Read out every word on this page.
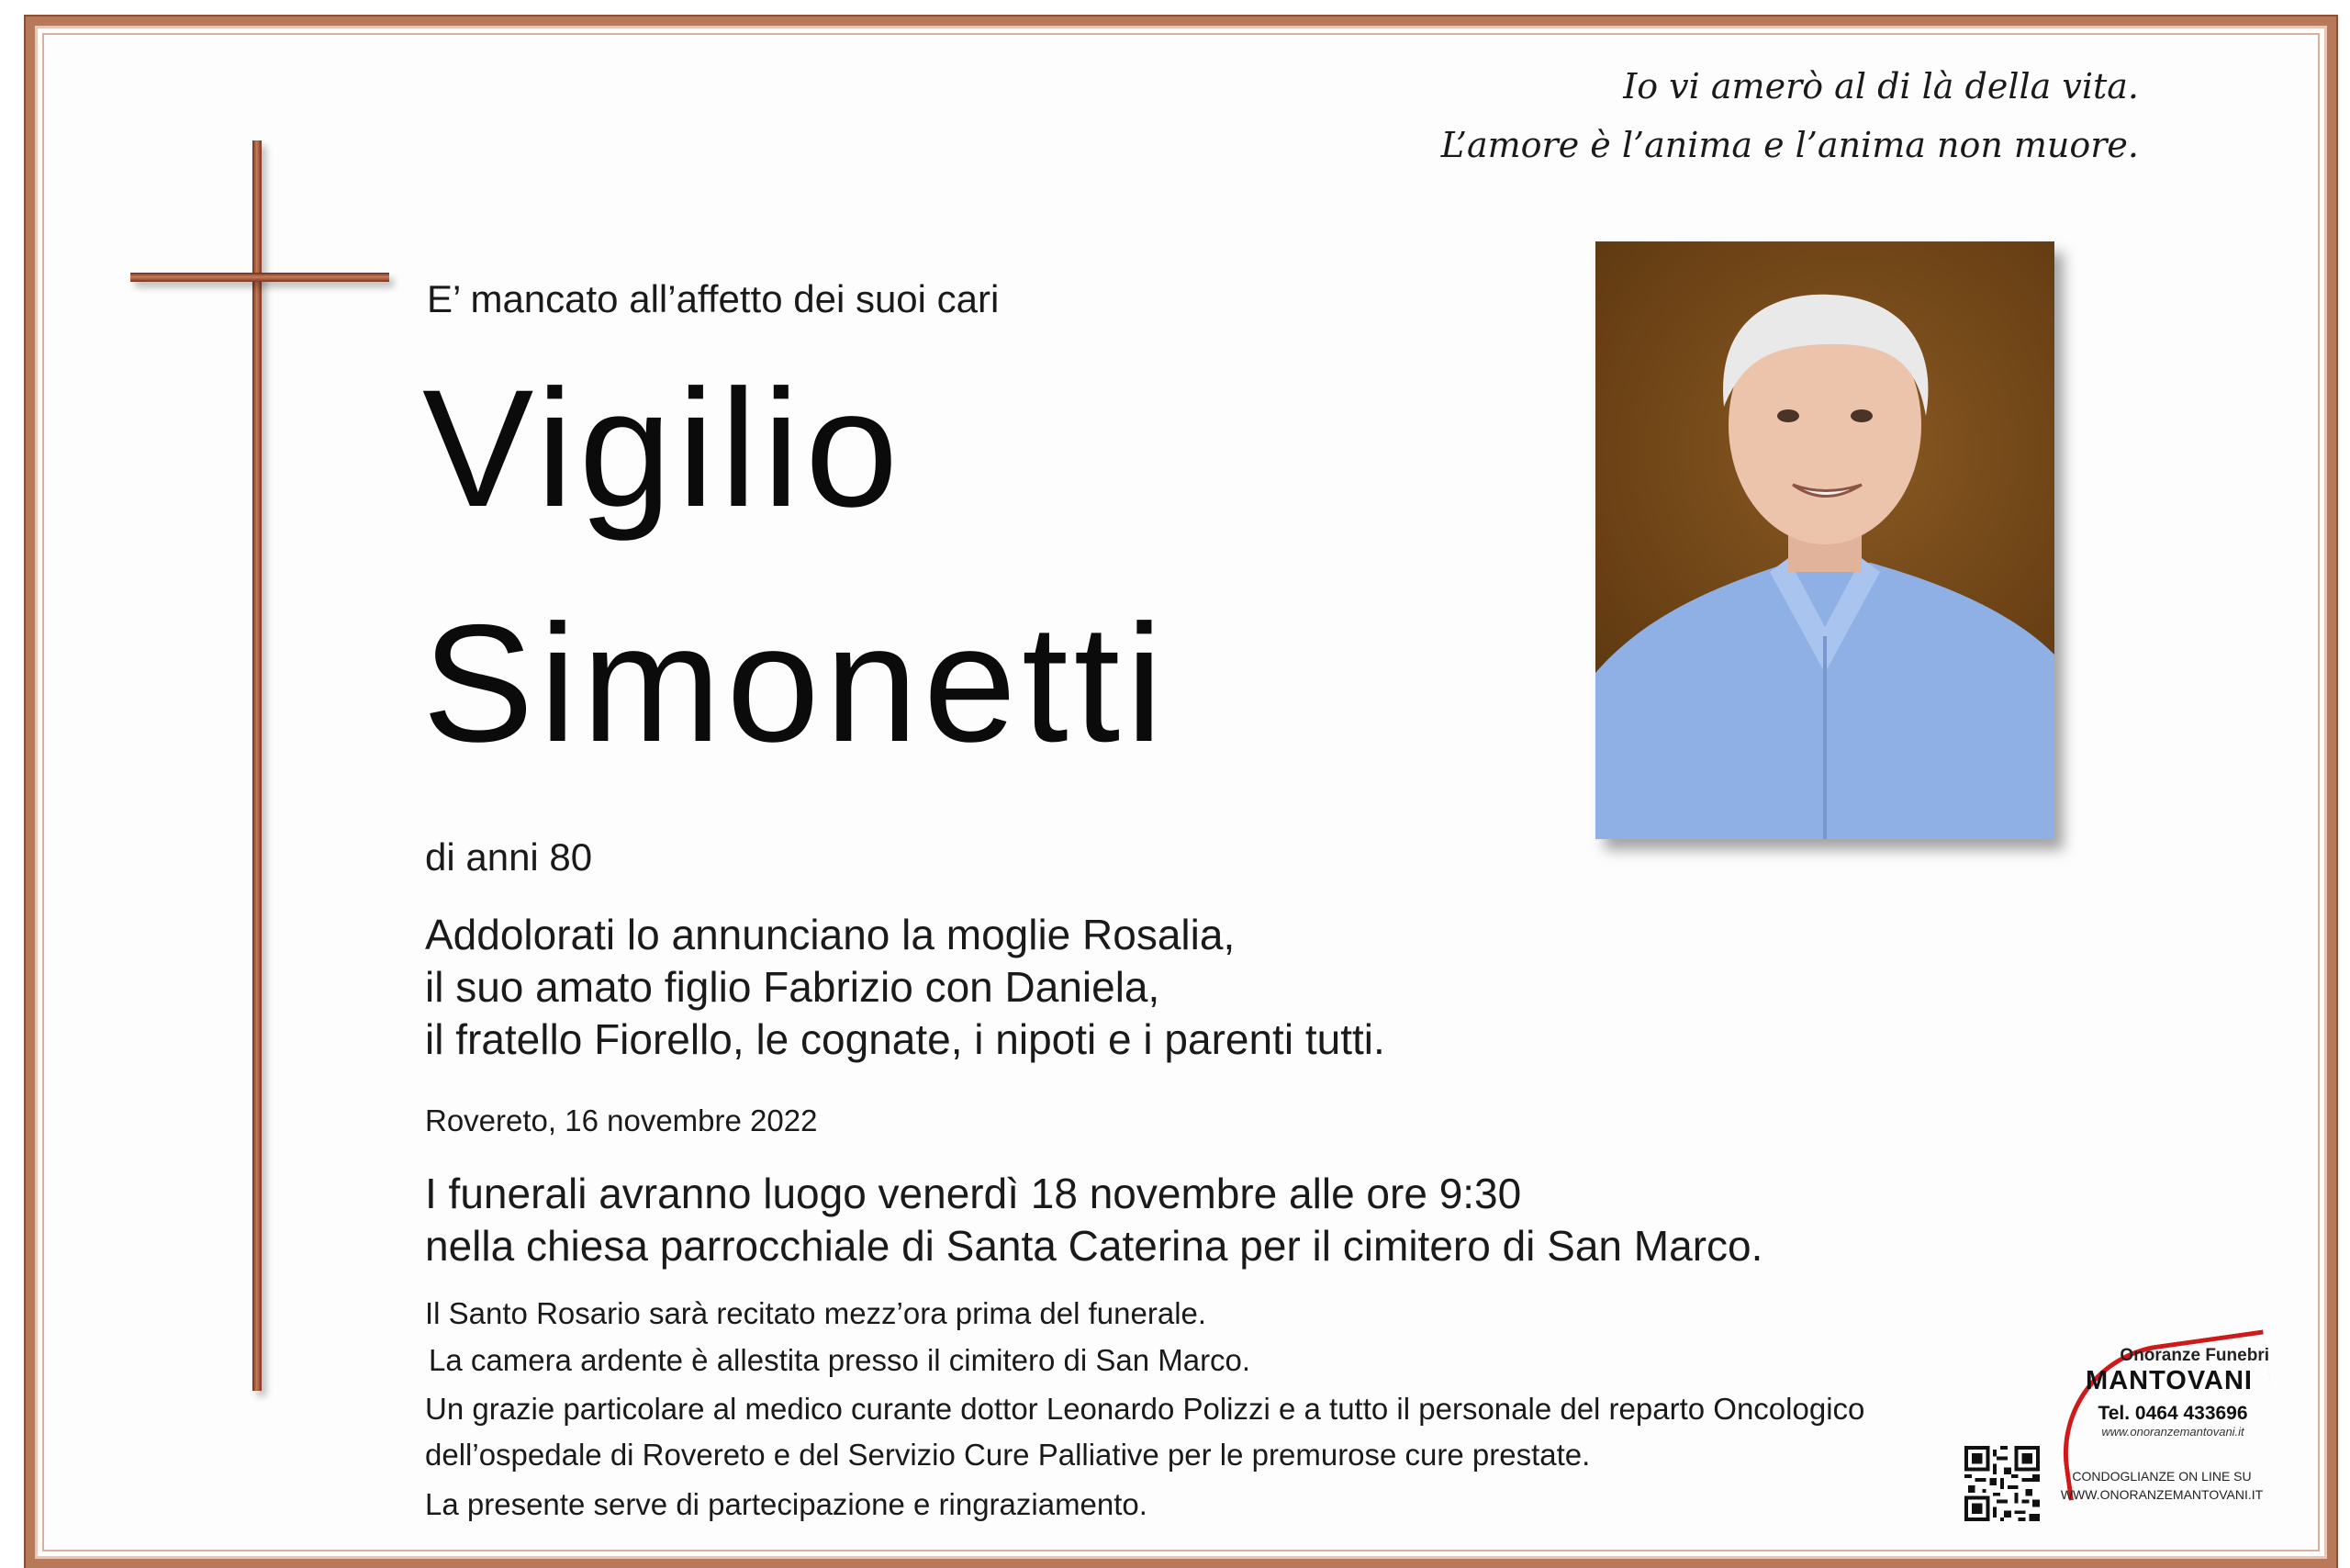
Io vi amerò al di là della vita.
L’amore è l’anima e l’anima non muore.
E’ mancato all’affetto dei suoi cari
Vigilio
Simonetti
di anni 80
Addolorati lo annunciano la moglie Rosalia,
il suo amato figlio Fabrizio con Daniela,
il fratello Fiorello, le cognate, i nipoti e i parenti tutti.
Rovereto, 16 novembre 2022
I funerali avranno luogo venerdì 18 novembre alle ore 9:30
nella chiesa parrocchiale di Santa Caterina per il cimitero di San Marco.
Il Santo Rosario sarà recitato mezz’ora prima del funerale.
La camera ardente è allestita presso il cimitero di San Marco.
Un grazie particolare al medico curante dottor Leonardo Polizzi e a tutto il personale del reparto Oncologico
dell’ospedale di Rovereto e del Servizio Cure Palliative per le premurose cure prestate.
La presente serve di partecipazione e ringraziamento.
Onoranze Funebri
MANTOVANI
Tel. 0464 433696
www.onoranzemantovani.it
CONDOGLIANZE ON LINE SU
WWW.ONORANZEMANTOVANI.IT
